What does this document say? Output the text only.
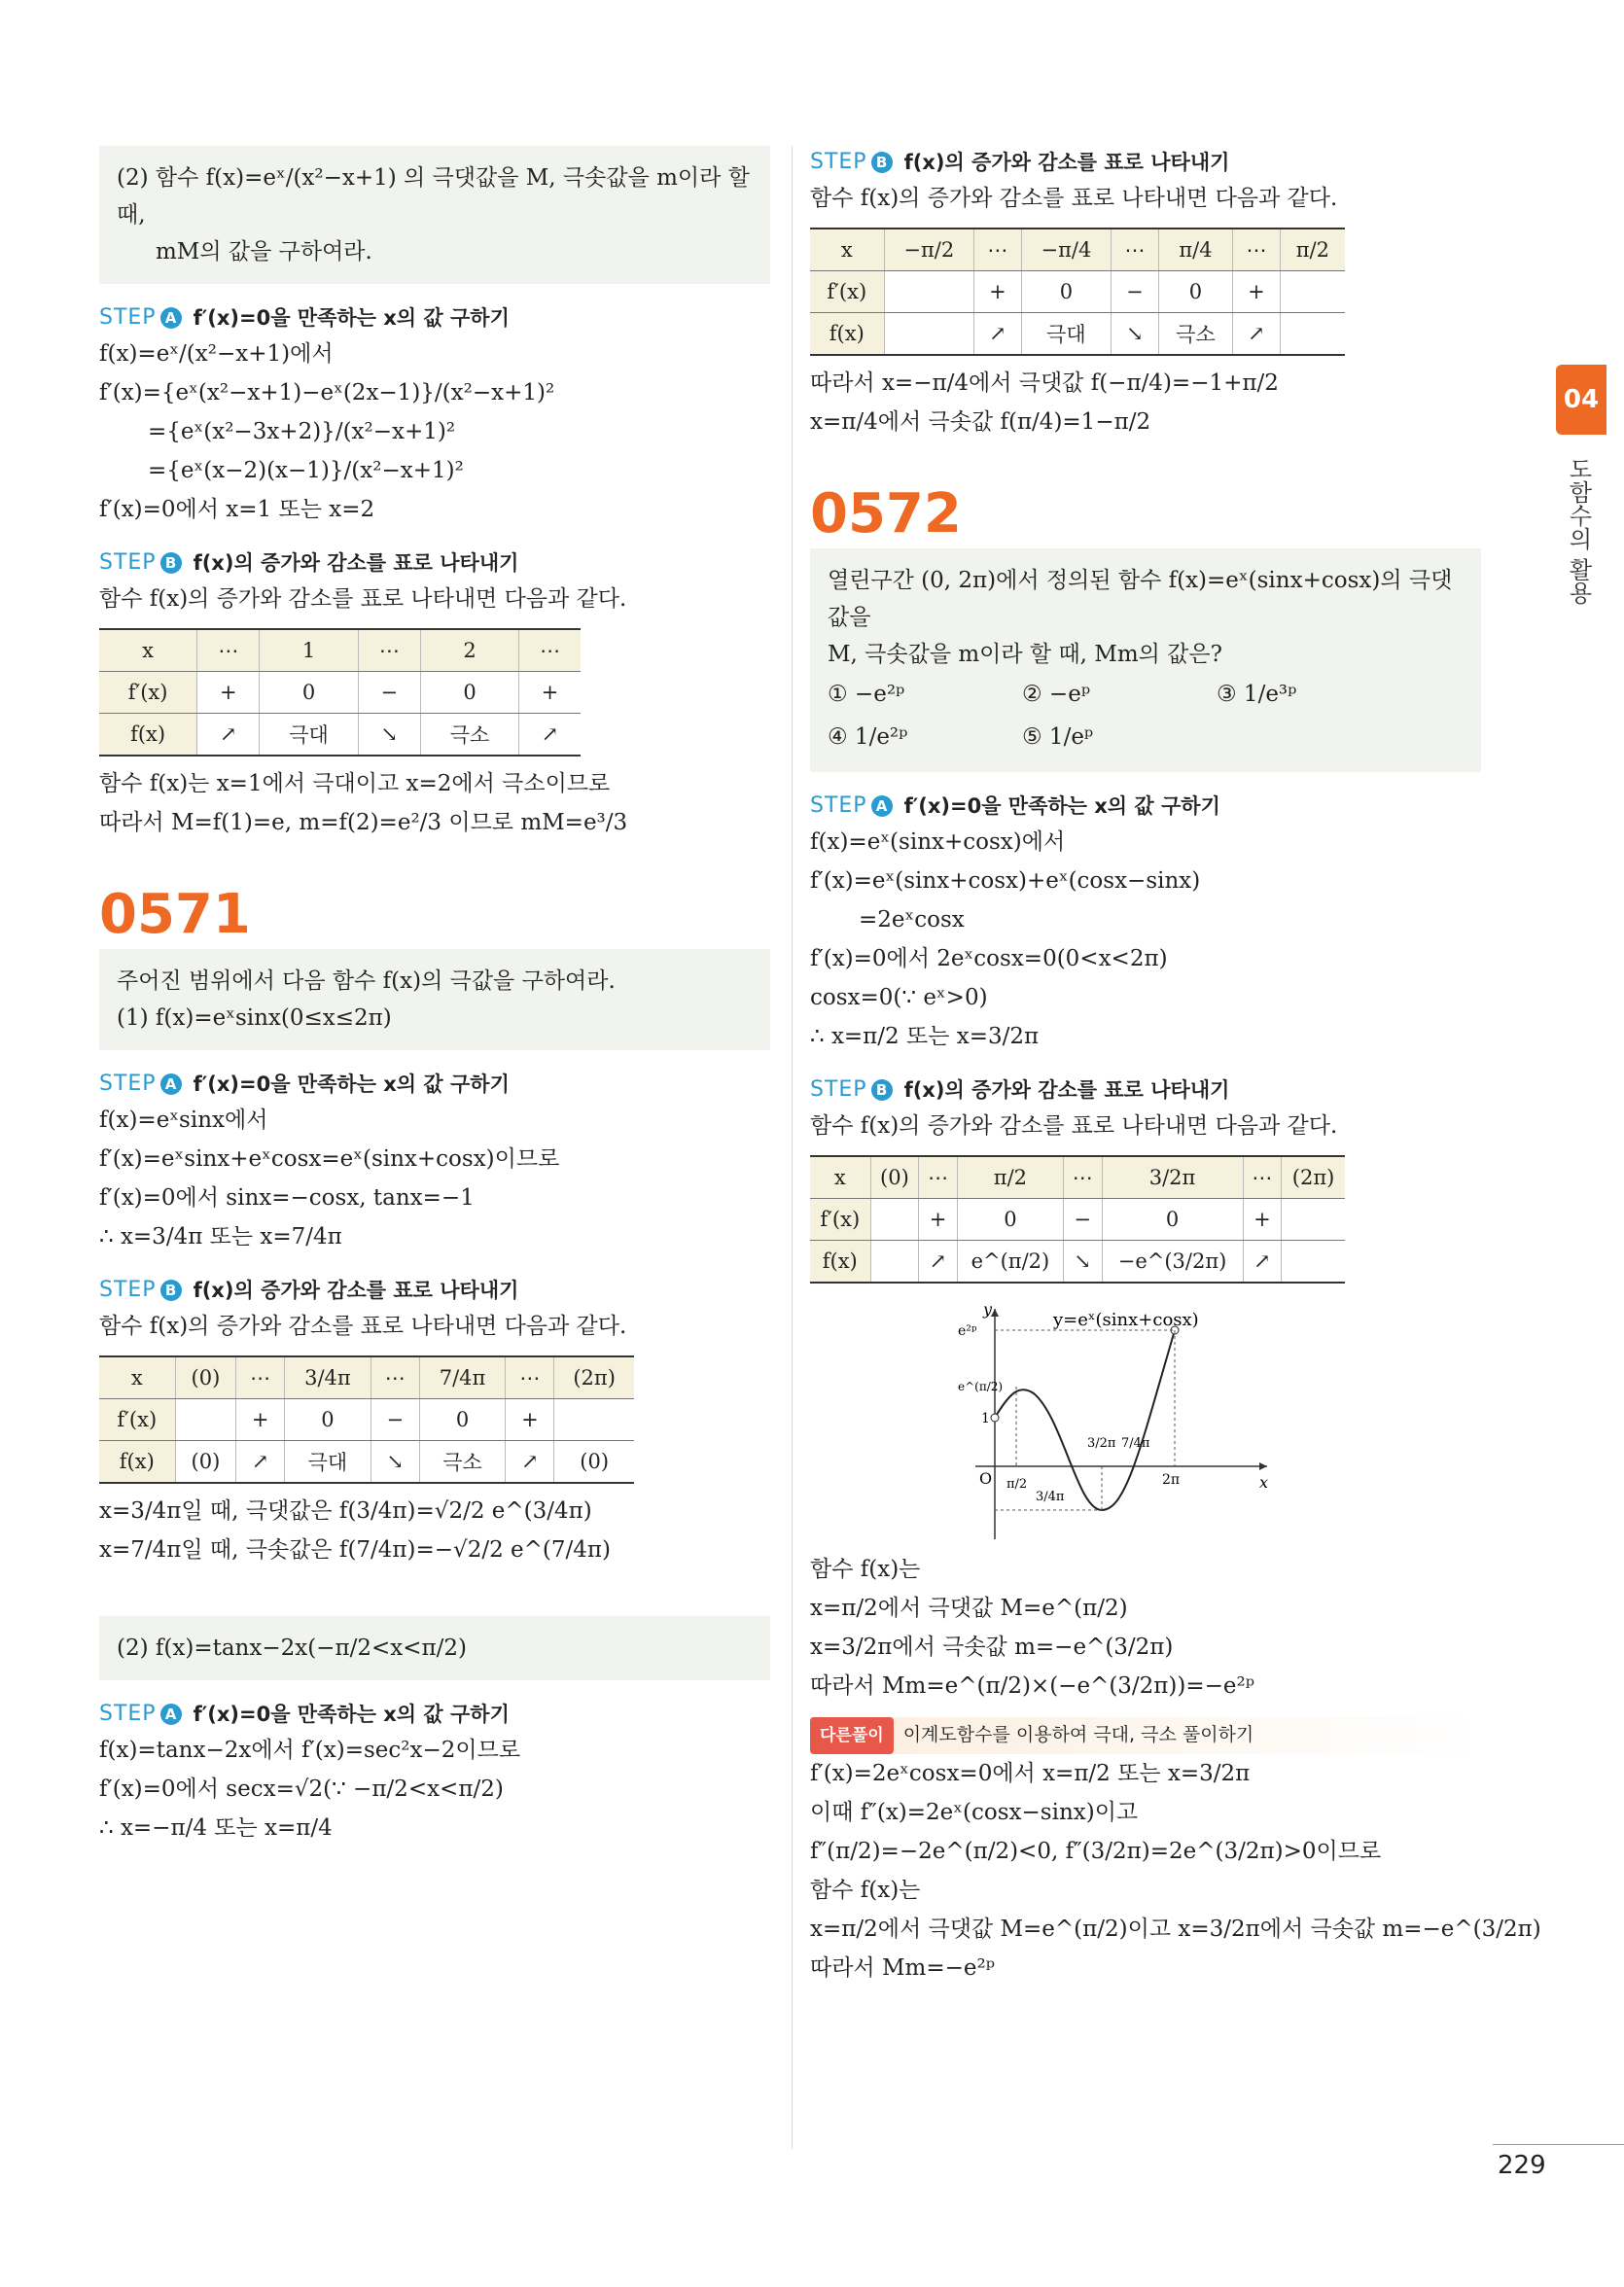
04
도함수의 활용
(2) 함수 f(x)=eˣ/(x²−x+1) 의 극댓값을 M, 극솟값을 m이라 할 때,
mM의 값을 구하여라.
STEP A f′(x)=0을 만족하는 x의 값 구하기
f(x)=eˣ/(x²−x+1)에서
f′(x)={eˣ(x²−x+1)−eˣ(2x−1)}/(x²−x+1)²
={eˣ(x²−3x+2)}/(x²−x+1)²
={eˣ(x−2)(x−1)}/(x²−x+1)²
f′(x)=0에서 x=1 또는 x=2
STEP B f(x)의 증가와 감소를 표로 나타내기
함수 f(x)의 증가와 감소를 표로 나타내면 다음과 같다.
x	⋯	1	⋯	2	⋯
f′(x)	+	0	−	0	+
f(x)	↗	극대	↘	극소	↗
함수 f(x)는 x=1에서 극대이고 x=2에서 극소이므로
따라서 M=f(1)=e, m=f(2)=e²/3 이므로 mM=e³/3
0571
주어진 범위에서 다음 함수 f(x)의 극값을 구하여라.
(1) f(x)=eˣsinx(0≤x≤2π)
STEP A f′(x)=0을 만족하는 x의 값 구하기
f(x)=eˣsinx에서
f′(x)=eˣsinx+eˣcosx=eˣ(sinx+cosx)이므로
f′(x)=0에서 sinx=−cosx, tanx=−1
∴ x=3/4π 또는 x=7/4π
STEP B f(x)의 증가와 감소를 표로 나타내기
함수 f(x)의 증가와 감소를 표로 나타내면 다음과 같다.
x	(0)	⋯	3/4π	⋯	7/4π	⋯	(2π)
f′(x)		+	0	−	0	+	
f(x)	(0)	↗	극대	↘	극소	↗	(0)
x=3/4π일 때, 극댓값은 f(3/4π)=√2/2 e^(3/4π)
x=7/4π일 때, 극솟값은 f(7/4π)=−√2/2 e^(7/4π)
(2) f(x)=tanx−2x(−π/2<x<π/2)
STEP A f′(x)=0을 만족하는 x의 값 구하기
f(x)=tanx−2x에서 f′(x)=sec²x−2이므로
f′(x)=0에서 secx=√2(∵ −π/2<x<π/2)
∴ x=−π/4 또는 x=π/4
STEP B f(x)의 증가와 감소를 표로 나타내기
함수 f(x)의 증가와 감소를 표로 나타내면 다음과 같다.
x	−π/2	⋯	−π/4	⋯	π/4	⋯	π/2
f′(x)		+	0	−	0	+	
f(x)		↗	극대	↘	극소	↗	
따라서 x=−π/4에서 극댓값 f(−π/4)=−1+π/2
x=π/4에서 극솟값 f(π/4)=1−π/2
0572
열린구간 (0, 2π)에서 정의된 함수 f(x)=eˣ(sinx+cosx)의 극댓값을
M, 극솟값을 m이라 할 때, Mm의 값은?
① −e²ᵖ	② −eᵖ	③ 1/e³ᵖ
④ 1/e²ᵖ	⑤ 1/eᵖ
STEP A f′(x)=0을 만족하는 x의 값 구하기
f(x)=eˣ(sinx+cosx)에서
f′(x)=eˣ(sinx+cosx)+eˣ(cosx−sinx)
=2eˣcosx
f′(x)=0에서 2eˣcosx=0(0<x<2π)
cosx=0(∵ eˣ>0)
∴ x=π/2 또는 x=3/2π
STEP B f(x)의 증가와 감소를 표로 나타내기
함수 f(x)의 증가와 감소를 표로 나타내면 다음과 같다.
x	(0)	⋯	π/2	⋯	3/2π	⋯	(2π)
f′(x)		+	0	−	0	+	
f(x)		↗	e^(π/2)	↘	−e^(3/2π)	↗	
y=eˣ(sinx+cosx)
y
x
O
e²ᵖ
e^(π/2)
1
π/2
3/4π
3/2π 7/4π
2π
함수 f(x)는
x=π/2에서 극댓값 M=e^(π/2)
x=3/2π에서 극솟값 m=−e^(3/2π)
따라서 Mm=e^(π/2)×(−e^(3/2π))=−e²ᵖ
다른풀이 이계도함수를 이용하여 극대, 극소 풀이하기
f′(x)=2eˣcosx=0에서 x=π/2 또는 x=3/2π
이때 f″(x)=2eˣ(cosx−sinx)이고
f″(π/2)=−2e^(π/2)<0, f″(3/2π)=2e^(3/2π)>0이므로
함수 f(x)는
x=π/2에서 극댓값 M=e^(π/2)이고 x=3/2π에서 극솟값 m=−e^(3/2π)
따라서 Mm=−e²ᵖ
229
